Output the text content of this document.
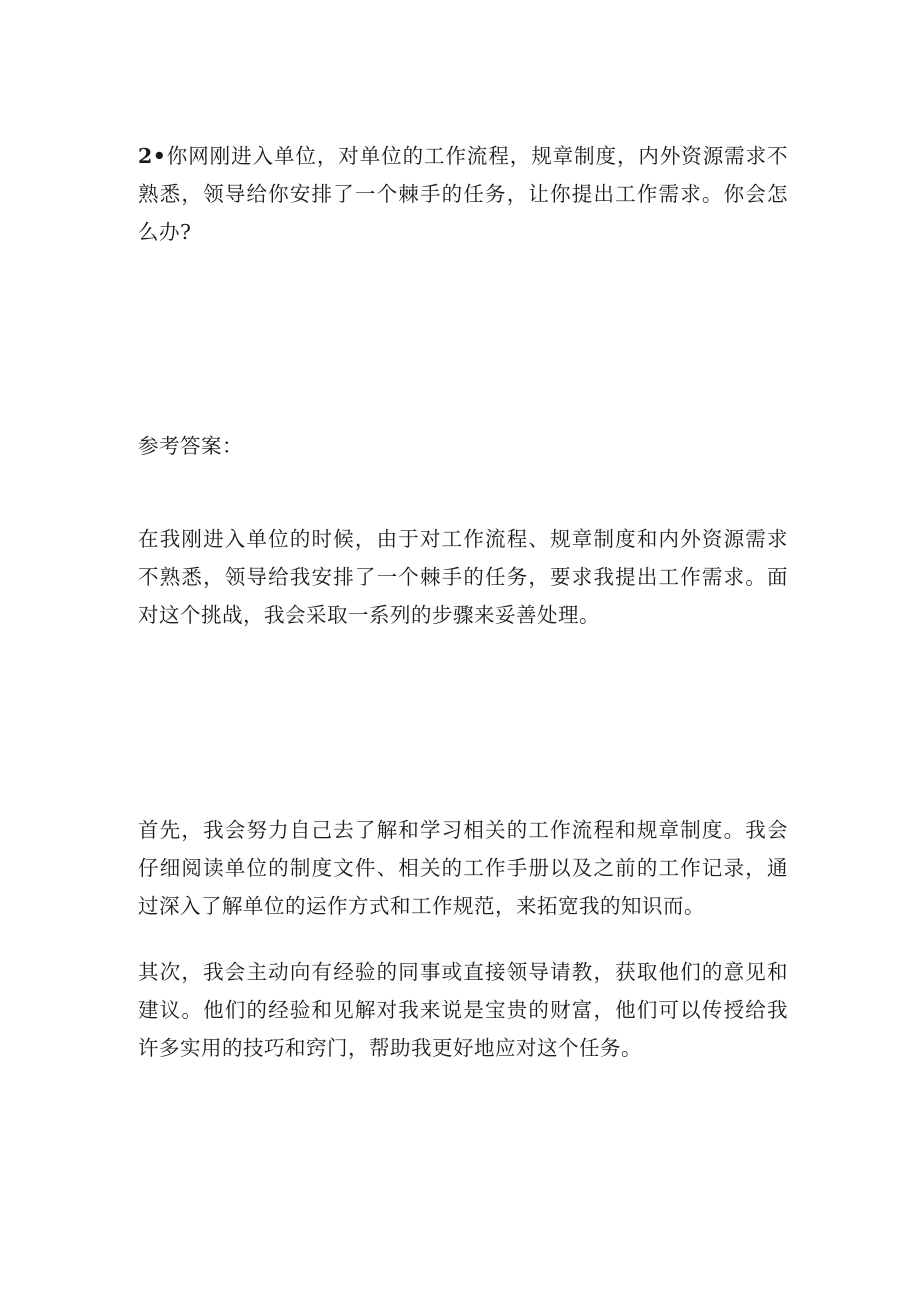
2•你网刚进入单位，对单位的工作流程，规章制度，内外资源需求不熟悉，领导给你安排了一个棘手的任务，让你提出工作需求。你会怎么办?

参考答案：

在我刚进入单位的时候，由于对工作流程、规章制度和内外资源需求不熟悉，领导给我安排了一个棘手的任务，要求我提出工作需求。面对这个挑战，我会采取一系列的步骤来妥善处理。

首先，我会努力自己去了解和学习相关的工作流程和规章制度。我会仔细阅读单位的制度文件、相关的工作手册以及之前的工作记录，通过深入了解单位的运作方式和工作规范，来拓宽我的知识而。

其次，我会主动向有经验的同事或直接领导请教，获取他们的意见和建议。他们的经验和见解对我来说是宝贵的财富，他们可以传授给我许多实用的技巧和窍门，帮助我更好地应对这个任务。
